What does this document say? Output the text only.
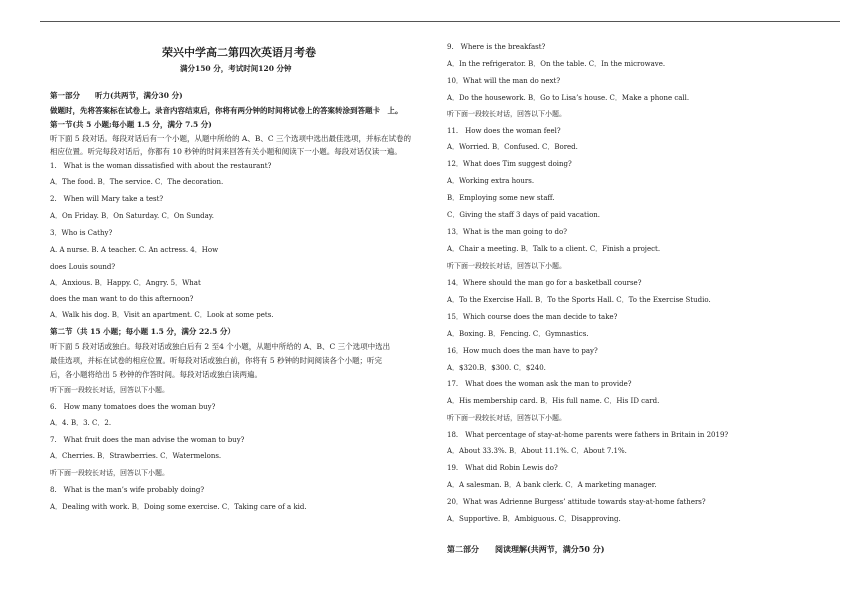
荣兴中学高二第四次英语月考卷
满分150 分，考试时间120 分钟
第一部分　　听力(共两节，满分30 分)
做题时，先将答案标在试卷上。录音内容结束后，你将有两分钟的时间将试卷上的答案转涂到答题卡　上。
第一节(共 5 小题;每小题 1.5 分，满分 7.5 分)
听下面 5 段对话。每段对话后有一个小题，从题中所给的 A、B、C 三个选项中选出最佳选项，并标在试卷的
相应位置。听完每段对话后，你都有 10 秒钟的时间来回答有关小题和阅读下一小题。每段对话仅读一遍。
1.　What is the woman dissatisfied with about the restaurant?
A．The food. B．The service. C．The decoration.
2.　When will Mary take a test?
A．On Friday. B．On Saturday. C．On Sunday.
3．Who is Cathy?
A. A nurse. B. A teacher. C. An actress. 4．How
does Louis sound?
A．Anxious. B．Happy. C．Angry. 5．What
does the man want to do this afternoon?
A．Walk his dog. B．Visit an apartment. C．Look at some pets.
第二节（共 15 小题；每小题 1.5 分，满分 22.5 分）
听下面 5 段对话或独白。每段对话或独白后有 2 至4 个小题，从题中所给的 A、B、C 三个选项中选出
最佳选项，并标在试卷的相应位置。听每段对话或独白前，你将有 5 秒钟的时间阅读各个小题；听完
后，各小题将给出 5 秒钟的作答时间。每段对话或独白读两遍。
听下面一段较长对话，回答以下小题。
6.　How many tomatoes does the woman buy?
A．4. B．3. C．2.
7.　What fruit does the man advise the woman to buy?
A．Cherries. B．Strawberries. C．Watermelons.
听下面一段较长对话，回答以下小题。
8.　What is the man’s wife probably doing?
A．Dealing with work. B．Doing some exercise. C．Taking care of a kid.
9.　Where is the breakfast?
A．In the refrigerator. B．On the table. C．In the microwave.
10．What will the man do next?
A．Do the housework. B．Go to Lisa’s house. C．Make a phone call.
听下面一段较长对话，回答以下小题。
11.　How does the woman feel?
A．Worried. B．Confused. C．Bored.
12．What does Tim suggest doing?
A．Working extra hours.
B．Employing some new staff.
C．Giving the staff 3 days of paid vacation.
13．What is the man going to do?
A．Chair a meeting. B．Talk to a client. C．Finish a project.
听下面一段较长对话，回答以下小题。
14．Where should the man go for a basketball course?
A．To the Exercise Hall. B．To the Sports Hall. C．To the Exercise Studio.
15．Which course does the man decide to take?
A．Boxing. B．Fencing. C．Gymnastics.
16．How much does the man have to pay?
A．$320.B．$300. C．$240.
17.　What does the woman ask the man to provide?
A．His membership card. B．His full name. C．His ID card.
听下面一段较长对话，回答以下小题。
18.　What percentage of stay-at-home parents were fathers in Britain in 2019?
A．About 33.3%. B．About 11.1%. C．About 7.1%.
19.　What did Robin Lewis do?
A．A salesman. B．A bank clerk. C．A marketing manager.
20．What was Adrienne Burgess’ attitude towards stay-at-home fathers?
A．Supportive. B．Ambiguous. C．Disapproving.
第二部分　　阅读理解(共两节，满分50 分)
